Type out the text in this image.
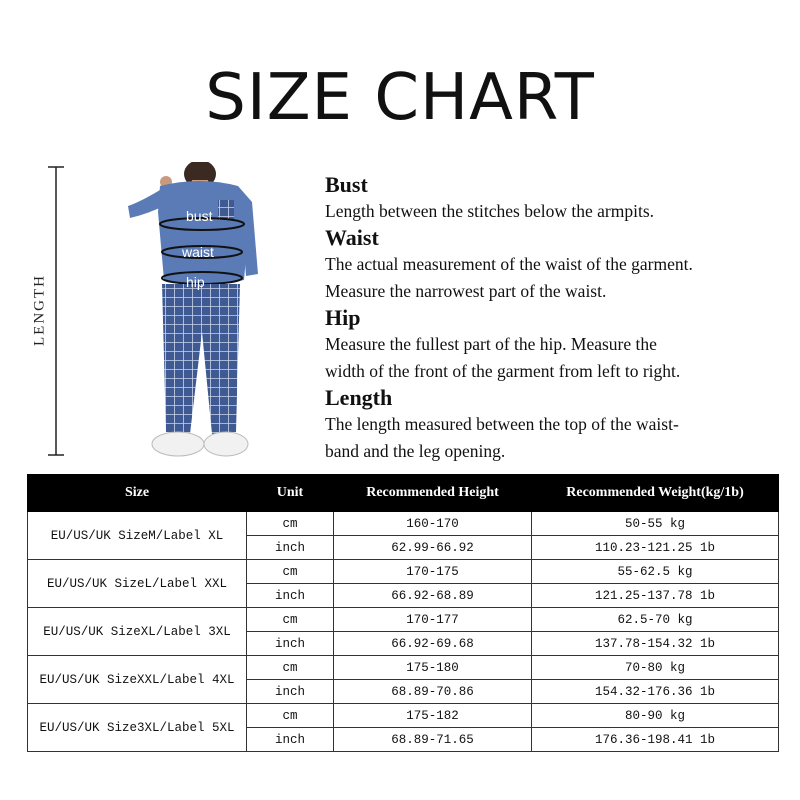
SIZE CHART
LENGTH
bust
waist
hip
Bust

Length between the stitches below the armpits.

Waist

The actual measurement of the waist of the garment.

Measure the narrowest part of the waist.

Hip

Measure the fullest part of the hip. Measure the

width of the front of the garment from left to right.

Length

The length measured between the top of the waist-

band and the leg opening.

Size	Unit	Recommended Height	Recommended Weight(kg/1b)
EU/US/UK SizeM/Label XL	cm	160-170	50-55 kg
	inch	62.99-66.92	110.23-121.25 1b
EU/US/UK SizeL/Label XXL	cm	170-175	55-62.5 kg
	inch	66.92-68.89	121.25-137.78 1b
EU/US/UK SizeXL/Label 3XL	cm	170-177	62.5-70 kg
	inch	66.92-69.68	137.78-154.32 1b
EU/US/UK SizeXXL/Label 4XL	cm	175-180	70-80 kg
	inch	68.89-70.86	154.32-176.36 1b
EU/US/UK Size3XL/Label 5XL	cm	175-182	80-90 kg
	inch	68.89-71.65	176.36-198.41 1b
